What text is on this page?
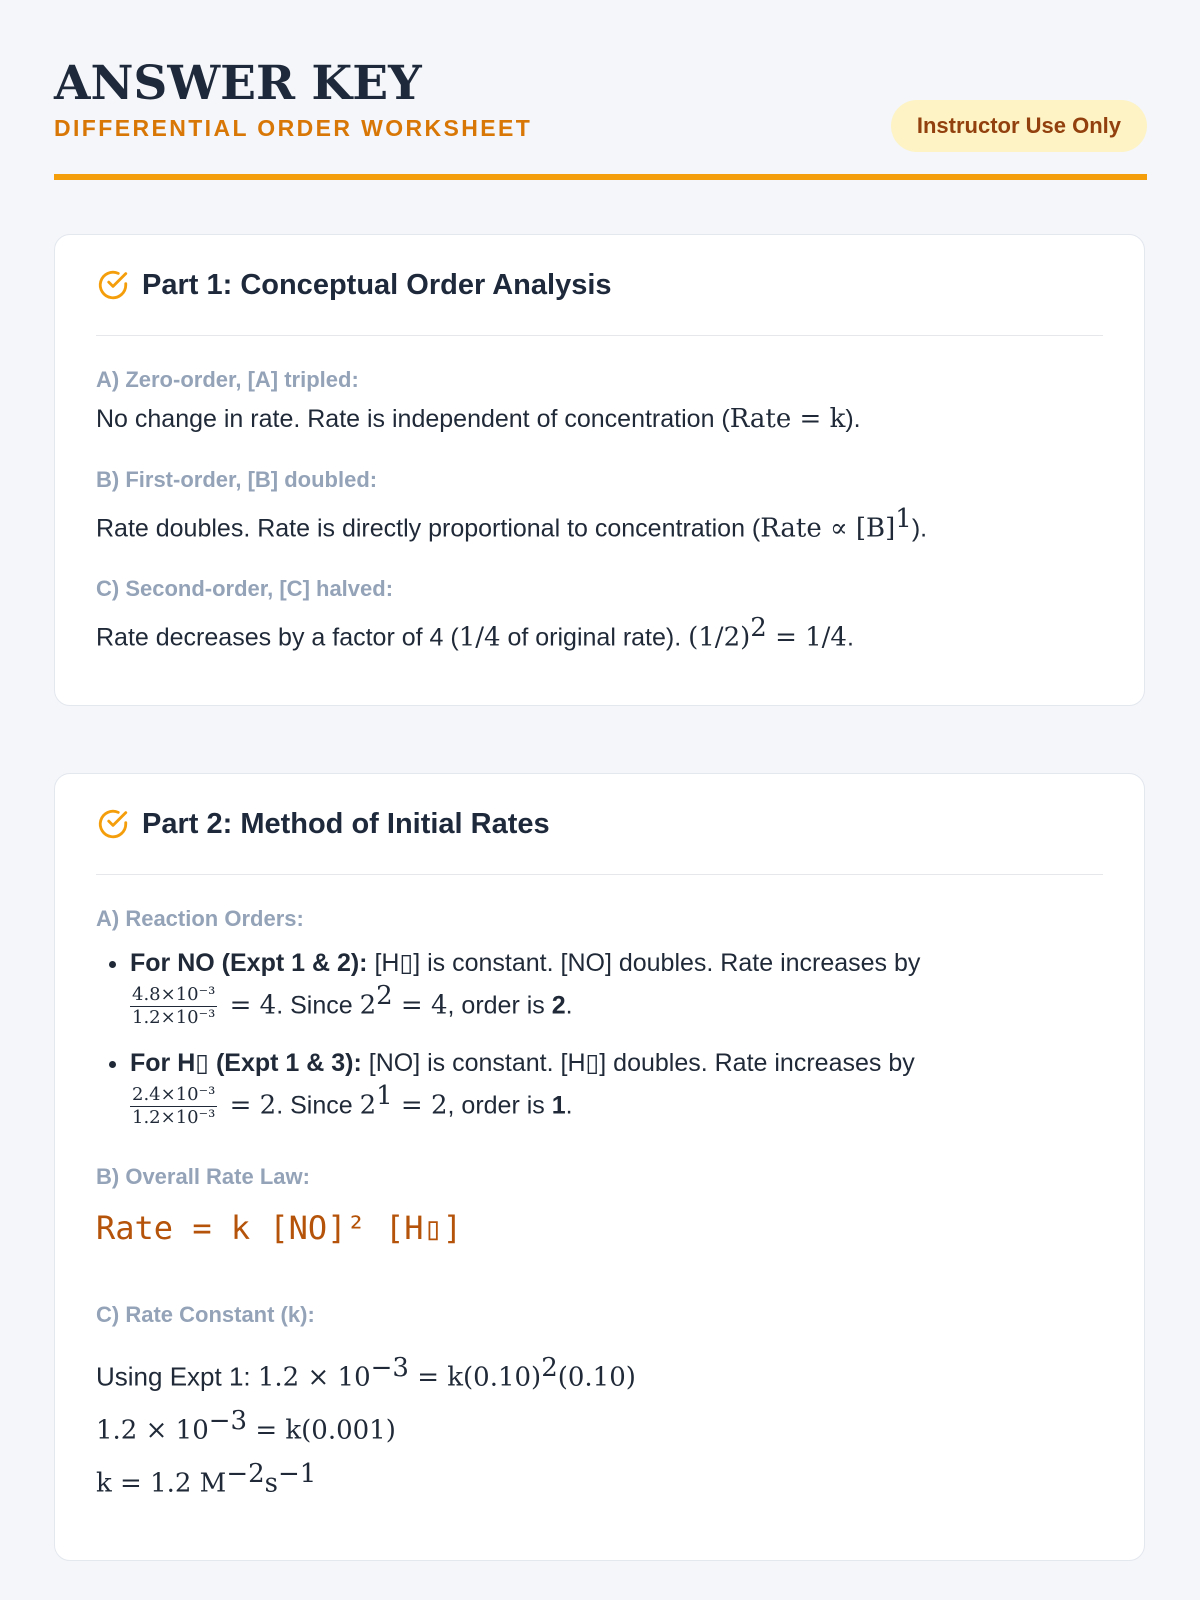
ANSWER KEY
DIFFERENTIAL ORDER WORKSHEET	Instructor Use Only
Part 1: Conceptual Order Analysis
A) Zero-order, [A] tripled:
No change in rate. Rate is independent of concentration (Rate = k).
B) First-order, [B] doubled:
Rate doubles. Rate is directly proportional to concentration (Rate ∝ $[B]^1$).
C) Second-order, [C] halved:
Rate decreases by a factor of 4 (1/4 of original rate). $(1/2)^2 = 1/4$.
Part 2: Method of Initial Rates
A) Reaction Orders:
• For NO (Expt 1 & 2): [H▯] is constant. [NO] doubles. Rate increases by

$\frac{\text{4.8×10⁻³}}{\text{1.2×10⁻³}} = 4$. Since $2^2 = 4$, order is 2.
• For H▯ (Expt 1 & 3): [NO] is constant. [H▯] doubles. Rate increases by

$\frac{\text{2.4×10⁻³}}{\text{1.2×10⁻³}} = 2$. Since $2^1 = 2$, order is 1.
B) Overall Rate Law:
Rate = k [NO]² [H▯]
C) Rate Constant (k):
Using Expt 1: $1.2 \times 10^{-3} = k(0.10)^2(0.10)$
$1.2 \times 10^{-3} = k(0.001)$
k = 1.2 $M^{-2}s^{-1}$
